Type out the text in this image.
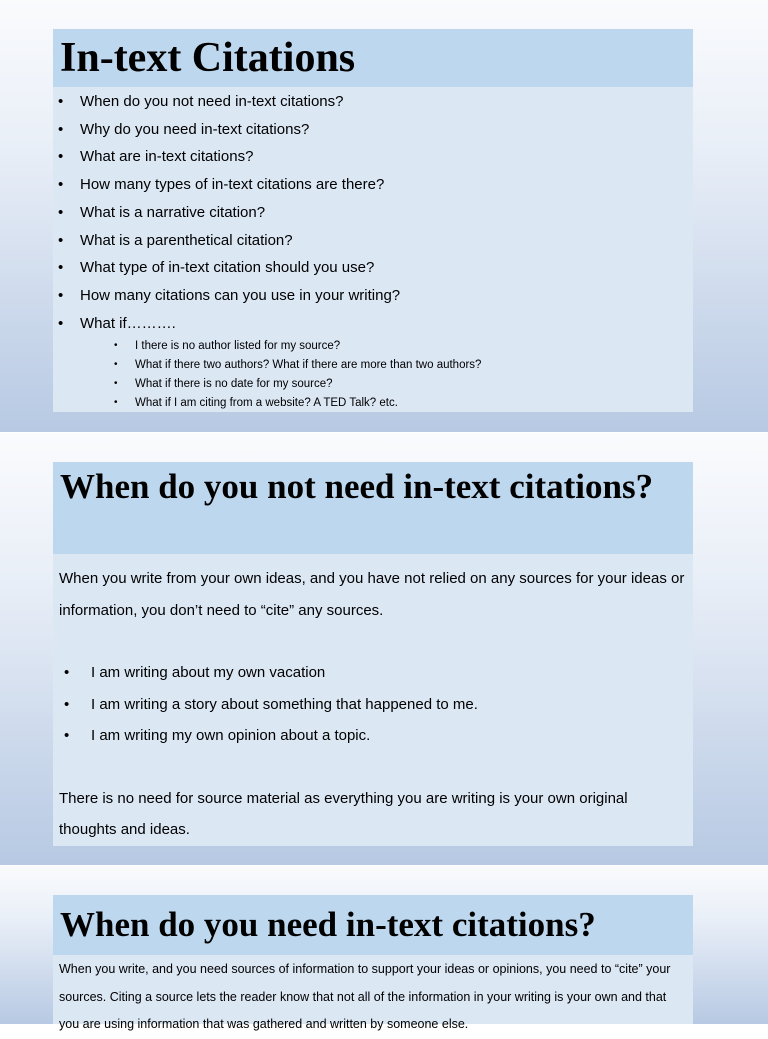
In-text Citations
• When do you not need in-text citations?
• Why do you need in-text citations?
• What are in-text citations?
• How many types of in-text citations are there?
• What is a narrative citation?
• What is a parenthetical citation?
• What type of in-text citation should you use?
• How many citations can you use in your writing?
• What if……….
• I there is no author listed for my source?
• What if there two authors? What if there are more than two authors?
• What if there is no date for my source?
• What if I am citing from a website? A TED Talk? etc.
When do you not need in-text citations?

When you write from your own ideas, and you have not relied on any sources for your ideas or information, you don’t need to “cite” any sources.

• I am writing about my own vacation
• I am writing a story about something that happened to me.
• I am writing my own opinion about a topic.

There is no need for source material as everything you are writing is your own original thoughts and ideas.

When do you need in-text citations?

When you write, and you need sources of information to support your ideas or opinions, you need to “cite” your sources. Citing a source lets the reader know that not all of the information in your writing is your own and that you are using information that was gathered and written by someone else.
